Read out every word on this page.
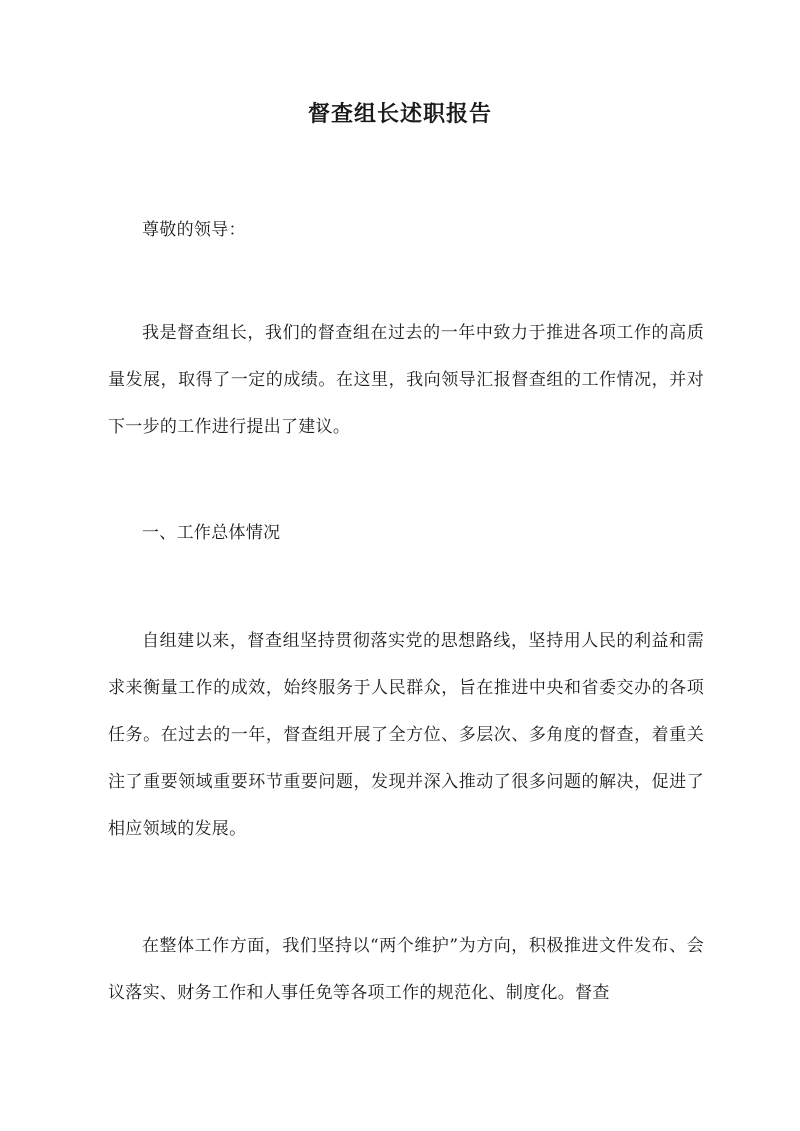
督查组长述职报告

尊敬的领导：

我是督查组长，我们的督查组在过去的一年中致力于推进各项工作的高质量发展，取得了一定的成绩。在这里，我向领导汇报督查组的工作情况，并对下一步的工作进行提出了建议。

一、工作总体情况

自组建以来，督查组坚持贯彻落实党的思想路线，坚持用人民的利益和需求来衡量工作的成效，始终服务于人民群众，旨在推进中央和省委交办的各项任务。在过去的一年，督查组开展了全方位、多层次、多角度的督查，着重关注了重要领域重要环节重要问题，发现并深入推动了很多问题的解决，促进了相应领域的发展。

在整体工作方面，我们坚持以“两个维护”为方向，积极推进文件发布、会议落实、财务工作和人事任免等各项工作的规范化、制度化。督查
